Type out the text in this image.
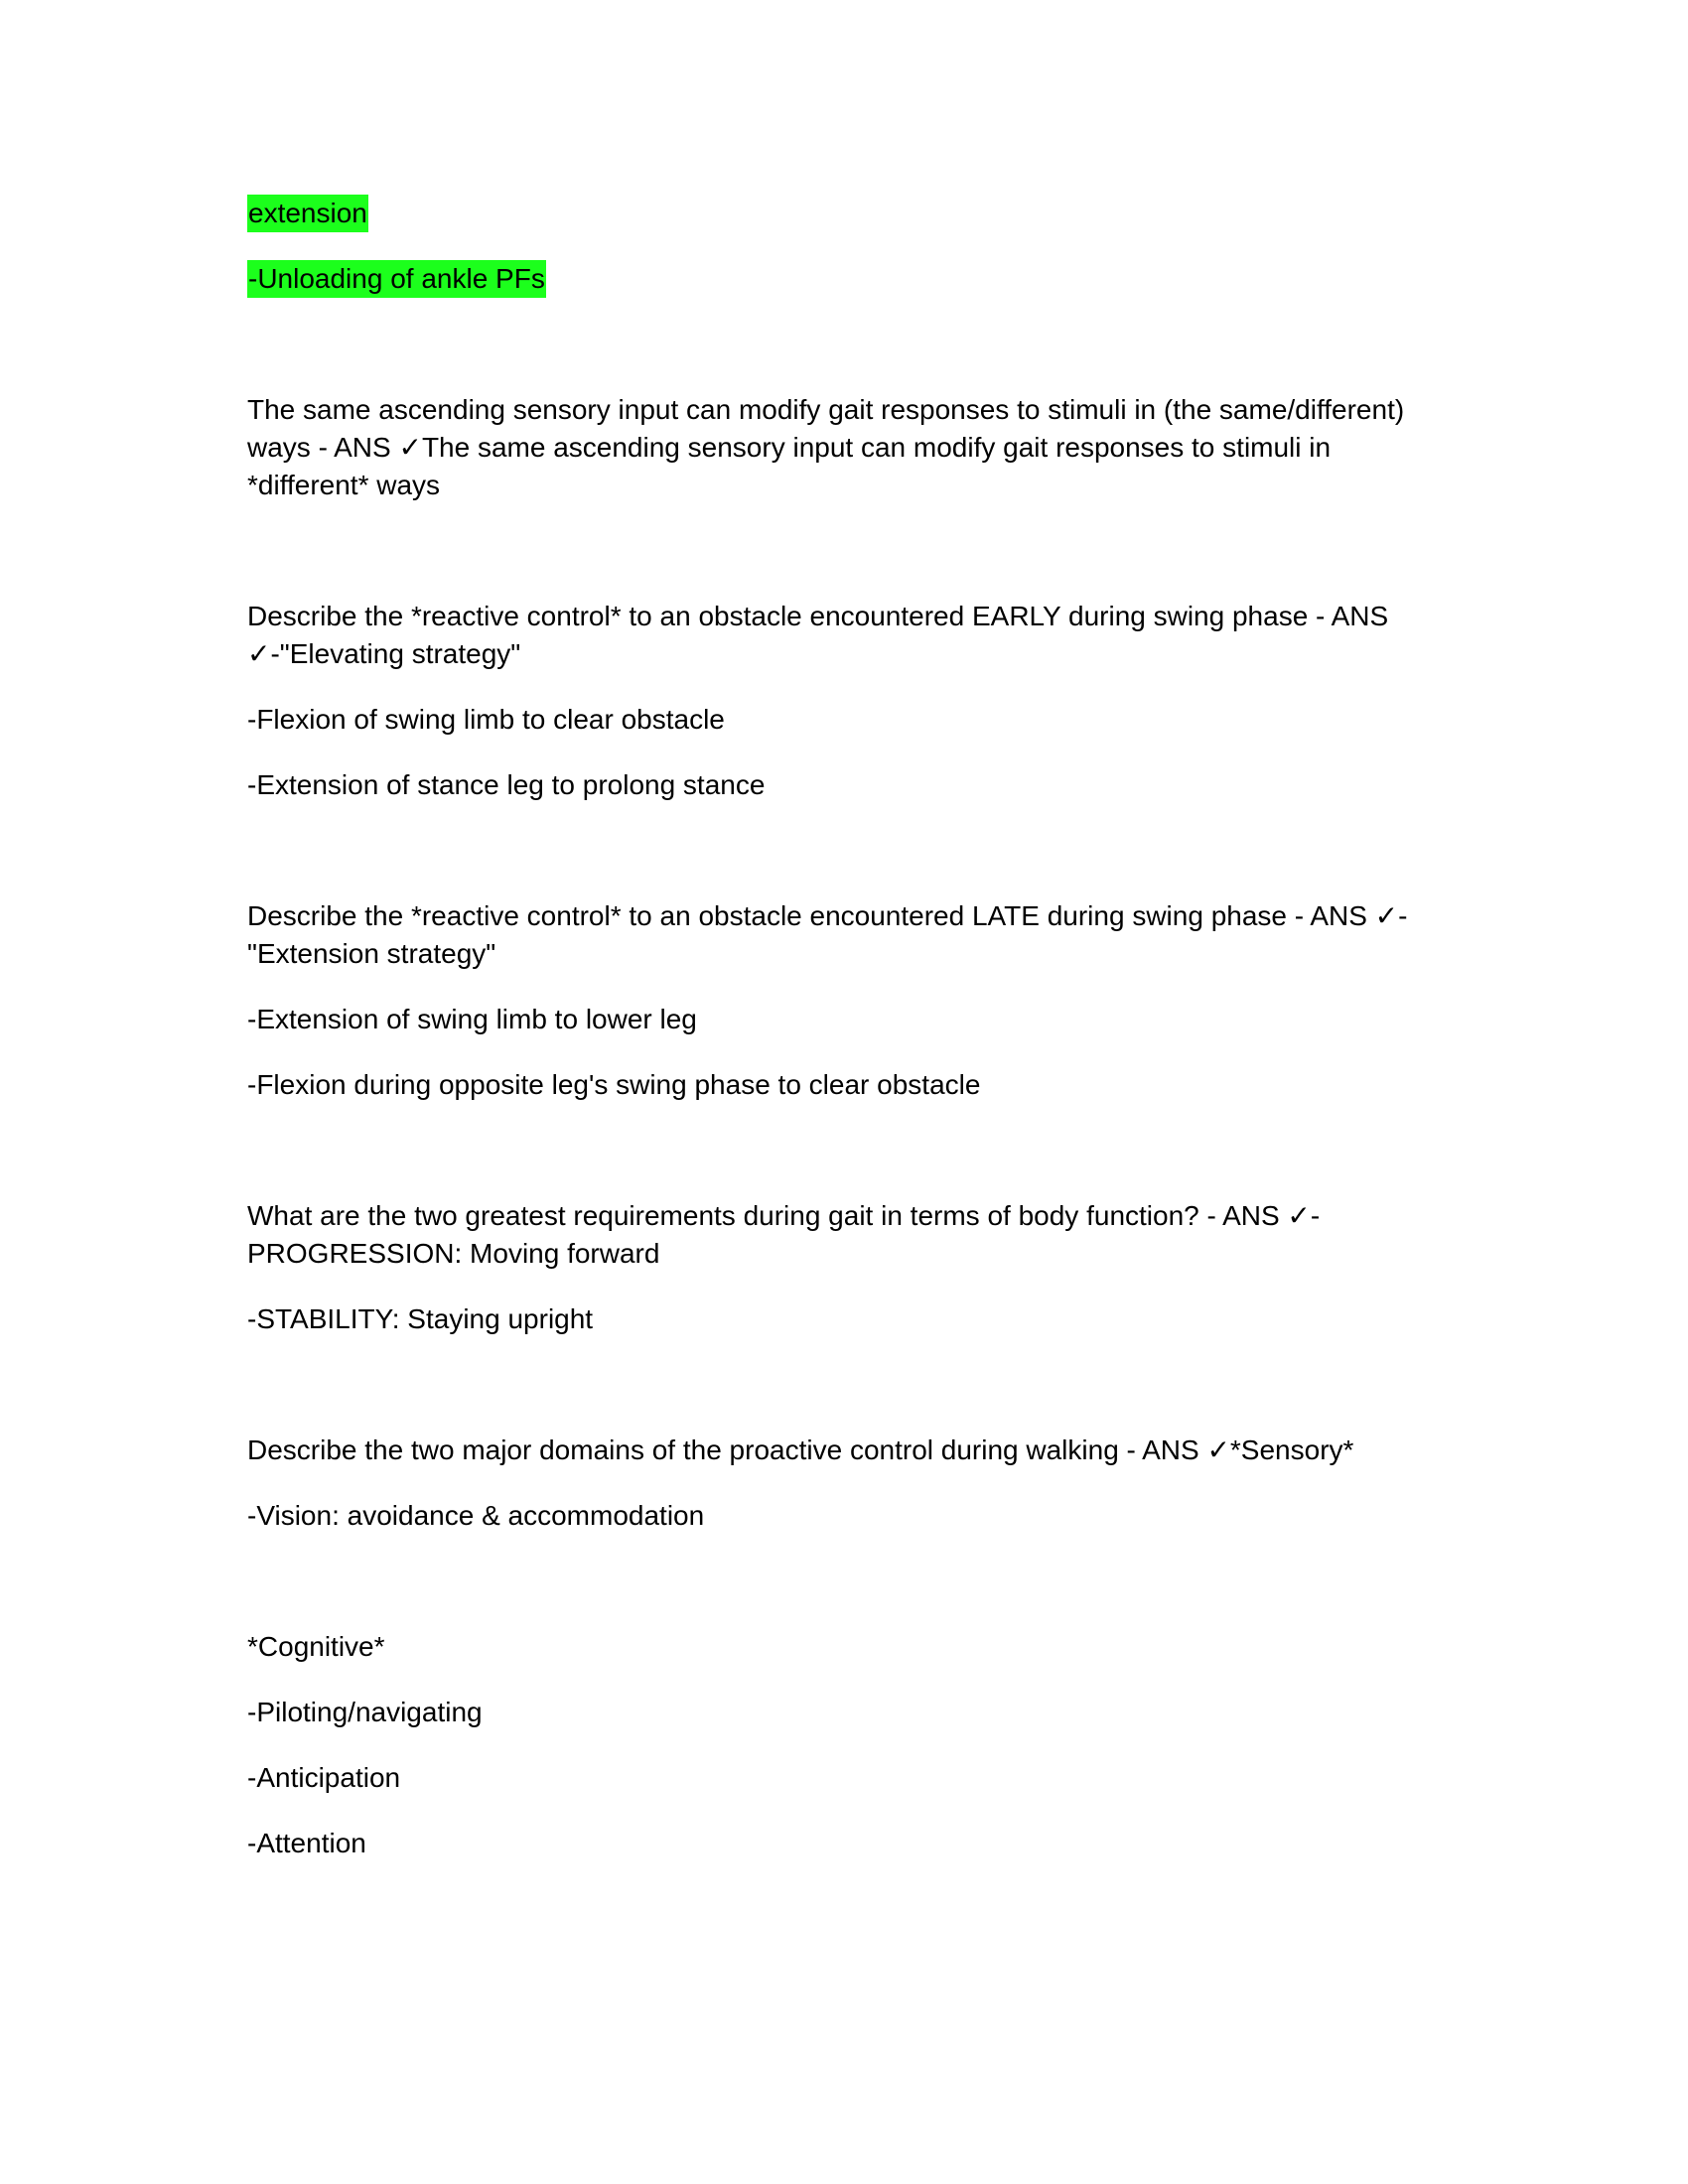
extension

-Unloading of ankle PFs

The same ascending sensory input can modify gait responses to stimuli in (the same/different) ways - ANS ✓The same ascending sensory input can modify gait responses to stimuli in *different* ways

Describe the *reactive control* to an obstacle encountered EARLY during swing phase - ANS ✓-"Elevating strategy"

-Flexion of swing limb to clear obstacle

-Extension of stance leg to prolong stance

Describe the *reactive control* to an obstacle encountered LATE during swing phase - ANS ✓-"Extension strategy"

-Extension of swing limb to lower leg

-Flexion during opposite leg's swing phase to clear obstacle

What are the two greatest requirements during gait in terms of body function? - ANS ✓-PROGRESSION: Moving forward

-STABILITY: Staying upright

Describe the two major domains of the proactive control during walking - ANS ✓*Sensory*

-Vision: avoidance & accommodation

*Cognitive*

-Piloting/navigating

-Anticipation

-Attention
